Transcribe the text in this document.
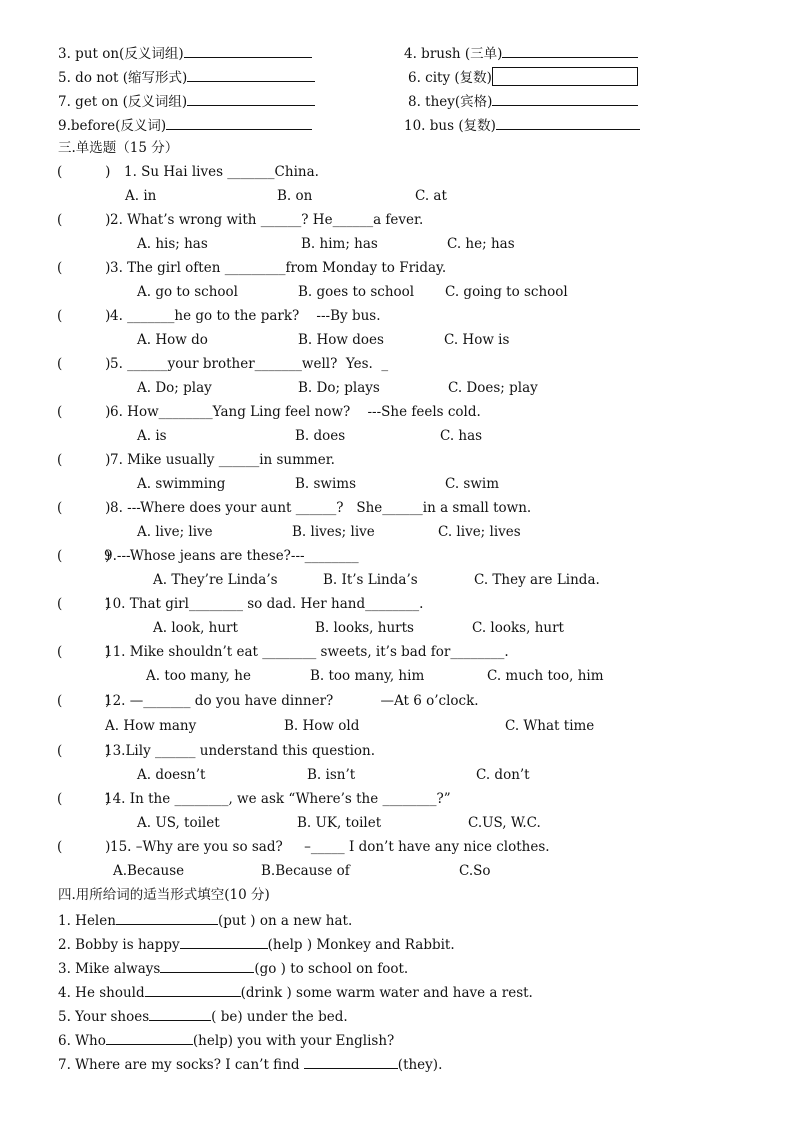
3. put on(反义词组)	4. brush (三单)
5. do not (缩写形式)	6. city (复数)
7. get on (反义词组)	8. they(宾格)
9.before(反义词)	10. bus (复数)
三.单选题（15 分）
(          ) 1. Su Hai lives _______China.
A. in	B. on	C. at
(          ) 2. What’s wrong with ______? He______a fever.
A. his; has	B. him; has	C. he; has
(          ) 3. The girl often _________from Monday to Friday.
A. go to school	B. goes to school C. going to school
(          ) 4. _______he go to the park?    ---By bus.
A. How do	B. How does	C. How is
(          ) 5. ______your brother_______well?  Yes.  _
A. Do; play	B. Do; plays	C. Does; play
(          ) 6. How________Yang Ling feel now?    ---She feels cold.
A. is	B. does	C. has
(          ) 7. Mike usually ______in summer.
A. swimming	B. swims	C. swim
(          ) 8. ---Where does your aunt ______?   She______in a small town.
A. live; live	B. lives; live	C. live; lives
(          )
9.---Whose jeans are these?---________
A. They’re Linda’s	B. It’s Linda’s	C. They are Linda.
(          )
10. That girl________ so dad. Her hand________.
A. look, hurt	B. looks, hurts	C. looks, hurt
(          )
11. Mike shouldn’t eat ________ sweets, it’s bad for________.
A. too many, he	B. too many, him	C. much too, him
(          )
12. —_______ do you have dinner?           —At 6 o’clock.
A. How many	B. How old	C. What time
(          )
13.Lily ______ understand this question.
A. doesn’t	B. isn’t	C. don’t
(          )
14. In the ________, we ask “Where’s the ________?”
A. US, toilet	B. UK, toilet	C.US, W.C.
(          ) 15. –Why are you so sad?     –_____ I don’t have any nice clothes.
A.Because	B.Because of	C.So
四.用所给词的适当形式填空(10 分)
1. Helen	(put ) on a new hat.
2. Bobby is happy	(help ) Monkey and Rabbit.
3. Mike always	(go ) to school on foot.
4. He should	(drink ) some warm water and have a rest.
5. Your shoes	( be) under the bed.
6. Who	(help) you with your English?
7. Where are my socks? I can’t find	(they).
